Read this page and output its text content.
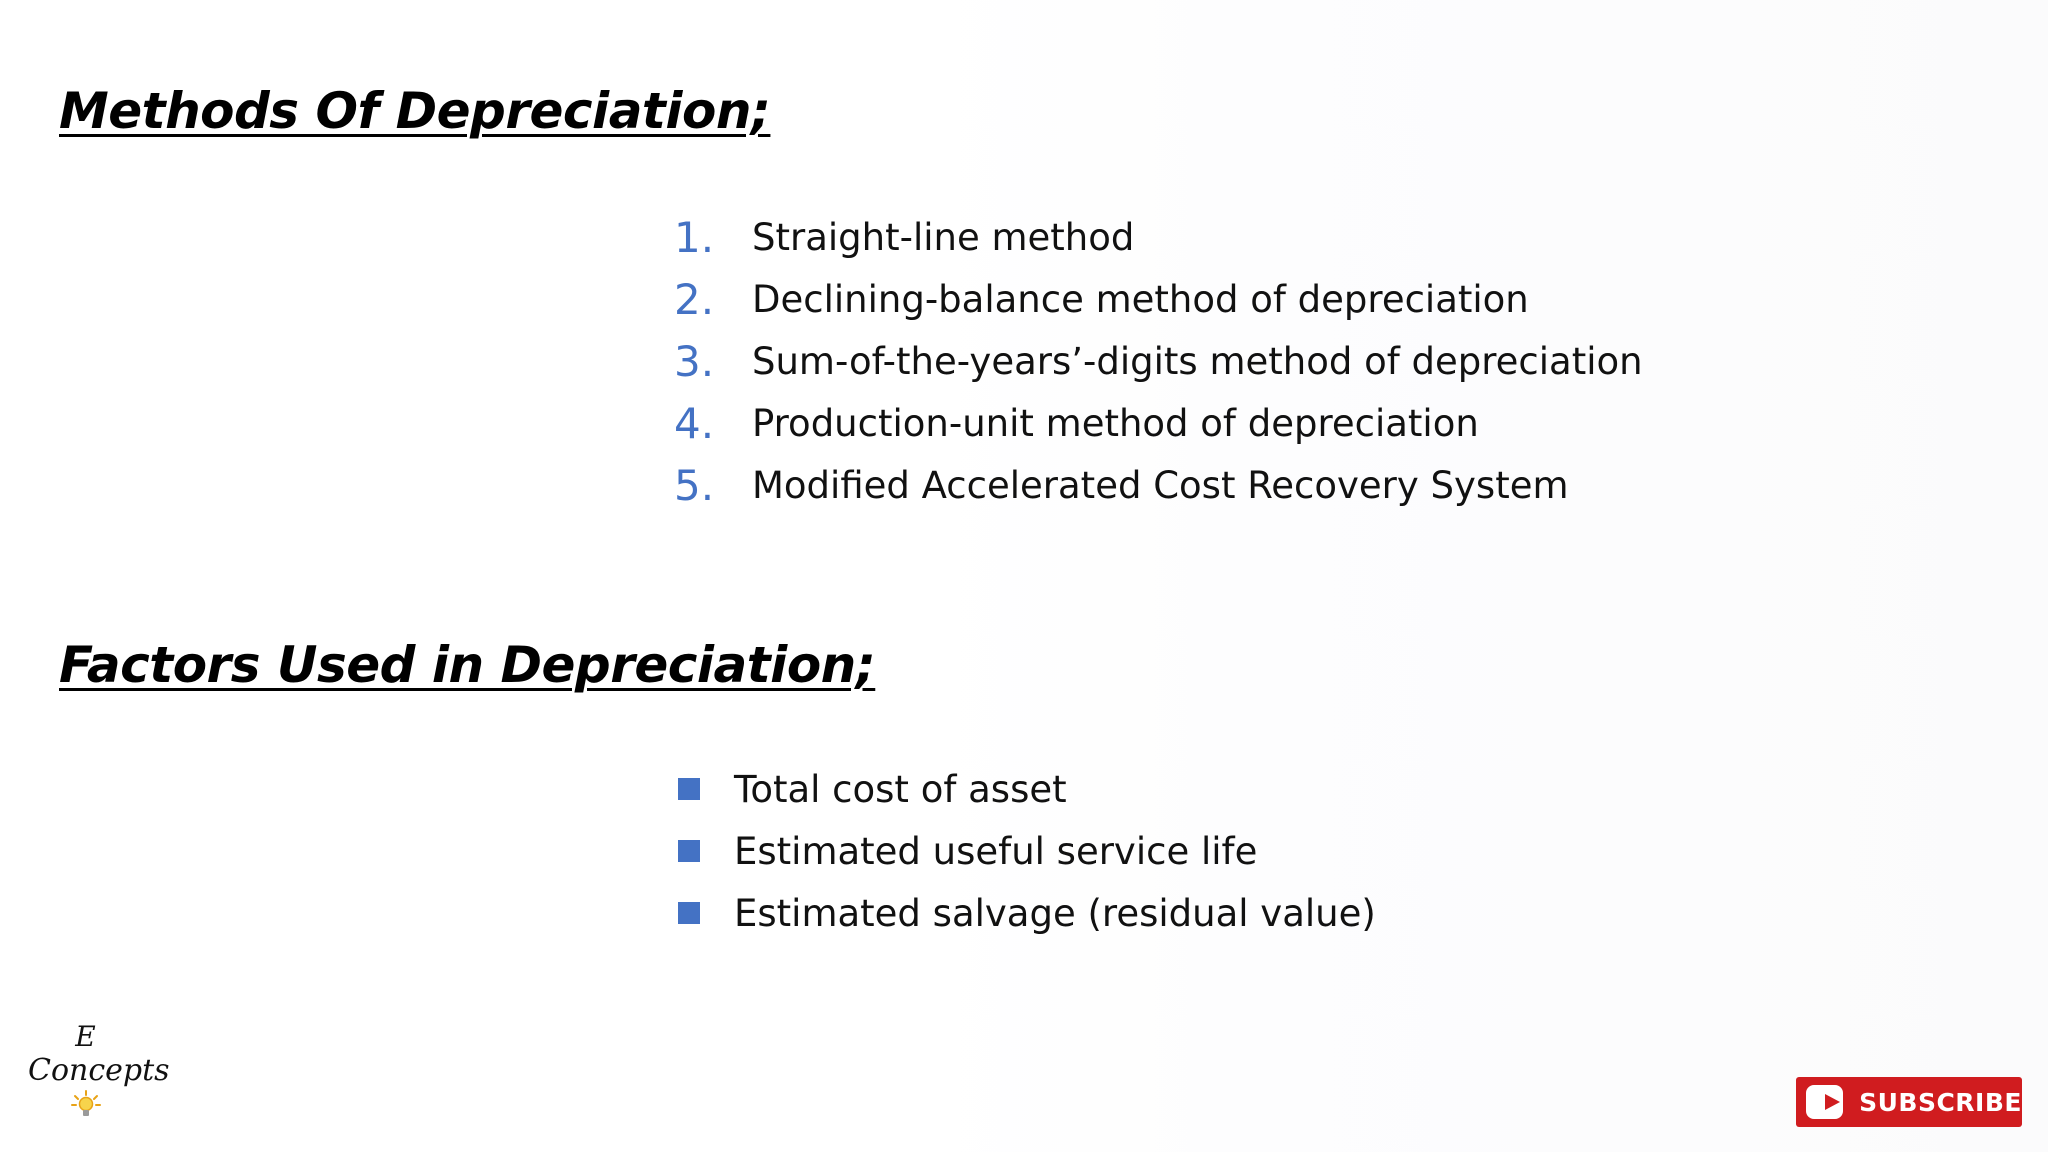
Methods Of Depreciation;
1.	Straight-line method
2.	Declining-balance method of depreciation
3.	Sum-of-the-years’-digits method of depreciation
4.	Production-unit method of depreciation
5.	Modified Accelerated Cost Recovery System
Factors Used in Depreciation;
Total cost of asset
Estimated useful service life
Estimated salvage (residual value)
E
Concepts
SUBSCRIBE
